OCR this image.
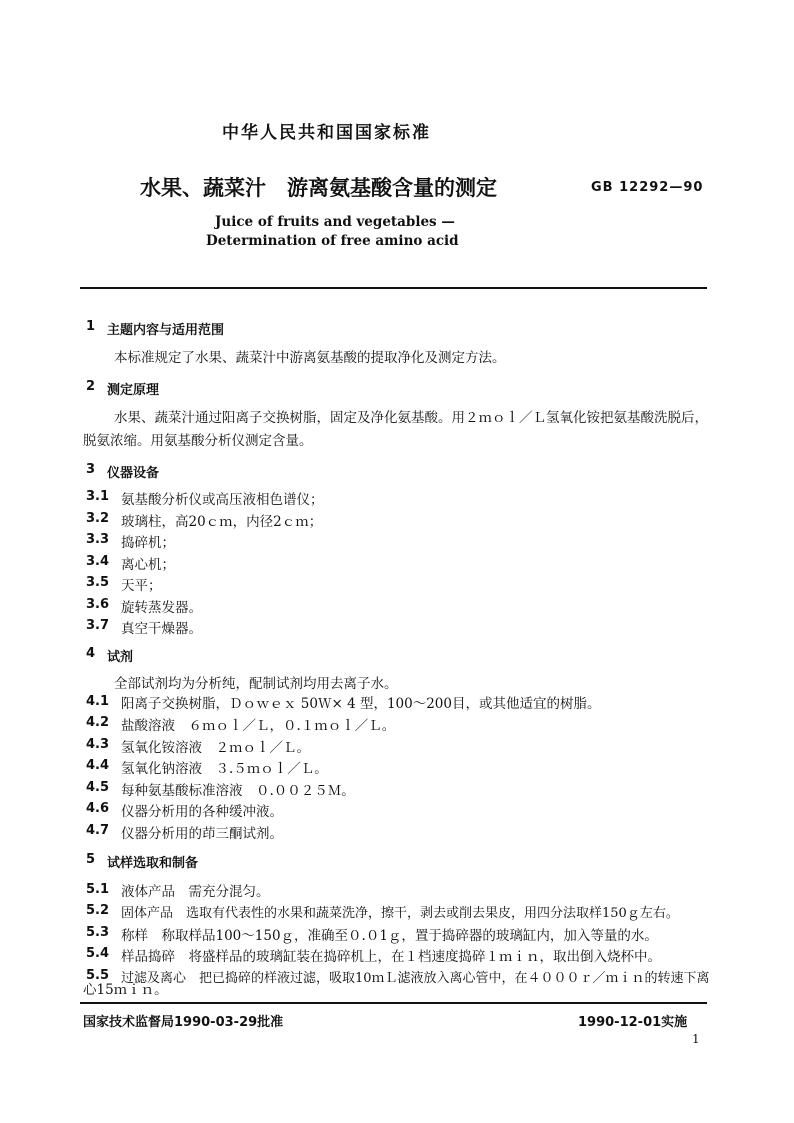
中华人民共和国国家标准
水果、蔬菜汁　游离氨基酸含量的测定	GB 12292—90
Juice of fruits and vegetables —
Determination of free amino acid
1 主题内容与适用范围
本标准规定了水果、蔬菜汁中游离氨基酸的提取净化及测定方法。
2 测定原理
水果、蔬菜汁通过阳离子交换树脂，固定及净化氨基酸。用２ｍｏｌ／Ｌ氢氧化铵把氨基酸洗脱后，
脱氨浓缩。用氨基酸分析仪测定含量。
3 仪器设备
3.1 氨基酸分析仪或高压液相色谱仪；
3.2 玻璃柱，高20ｃｍ，内径2ｃｍ；
3.3 捣碎机；
3.4 离心机；
3.5 天平；
3.6 旋转蒸发器。
3.7 真空干燥器。
4 试剂
全部试剂均为分析纯，配制试剂均用去离子水。
4.1 阳离子交换树脂，Ｄｏｗｅｘ 50Ｗ× 4 型，100～200目，或其他适宜的树脂。
4.2 盐酸溶液　６ｍｏｌ／Ｌ，０.１ｍｏｌ／Ｌ。
4.3 氢氧化铵溶液　２ｍｏｌ／Ｌ。
4.4 氢氧化钠溶液　３.５ｍｏｌ／Ｌ。
4.5 每种氨基酸标准溶液　０.００２５Ｍ。
4.6 仪器分析用的各种缓冲液。
4.7 仪器分析用的茚三酮试剂。
5 试样选取和制备
5.1 液体产品　需充分混匀。
5.2 固体产品　选取有代表性的水果和蔬菜洗净，擦干，剥去或削去果皮，用四分法取样150ｇ左右。
5.3 称样　称取样品100～150ｇ，准确至０.０1ｇ，置于捣碎器的玻璃缸内，加入等量的水。
5.4 样品捣碎　将盛样品的玻璃缸装在捣碎机上，在１档速度捣碎１ｍｉｎ，取出倒入烧杯中。
5.5 过滤及离心　把已捣碎的样液过滤，吸取10ｍＬ滤液放入离心管中，在４０００ｒ／ｍｉｎ的转速下离
心15ｍｉｎ。
国家技术监督局1990-03-29批准	1990-12-01实施
1
